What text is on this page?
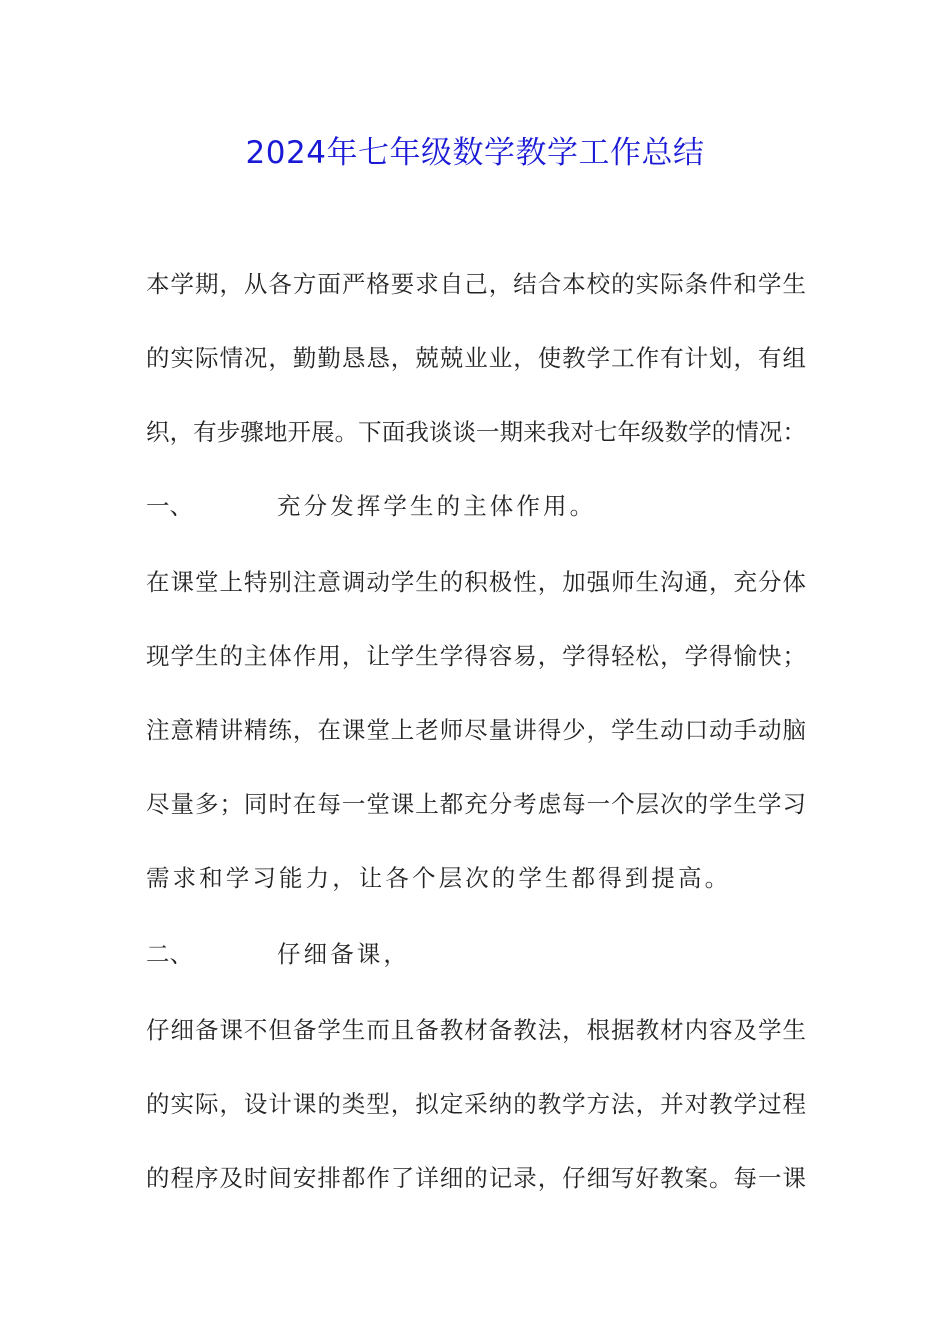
2024年七年级数学教学工作总结
本学期，从各方面严格要求自己，结合本校的实际条件和学生
的实际情况，勤勤恳恳，兢兢业业，使教学工作有计划，有组
织，有步骤地开展。下面我谈谈一期来我对七年级数学的情况：
一、	充分发挥学生的主体作用。
在课堂上特别注意调动学生的积极性，加强师生沟通，充分体
现学生的主体作用，让学生学得容易，学得轻松，学得愉快；
注意精讲精练，在课堂上老师尽量讲得少，学生动口动手动脑
尽量多；同时在每一堂课上都充分考虑每一个层次的学生学习
需求和学习能力，让各个层次的学生都得到提高。
二、	仔细备课，
仔细备课不但备学生而且备教材备教法，根据教材内容及学生
的实际，设计课的类型，拟定采纳的教学方法，并对教学过程
的程序及时间安排都作了详细的记录，仔细写好教案。每一课
